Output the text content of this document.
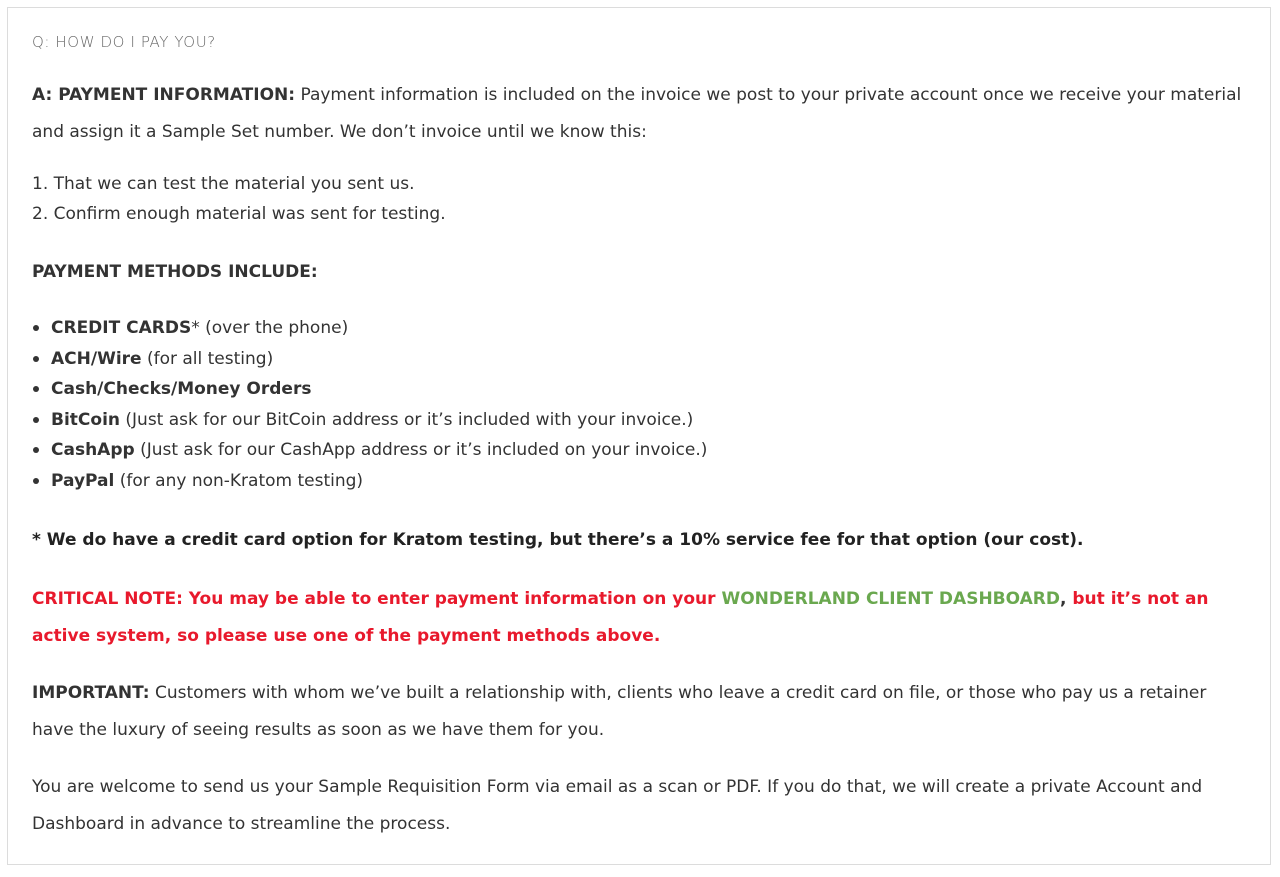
Q: HOW DO I PAY YOU?
A: PAYMENT INFORMATION: Payment information is included on the invoice we post to your private account once we receive your material and assign it a Sample Set number. We don’t invoice until we know this:
1. That we can test the material you sent us.
2. Confirm enough material was sent for testing.
PAYMENT METHODS INCLUDE:
CREDIT CARDS* (over the phone)
ACH/Wire (for all testing)
Cash/Checks/Money Orders
BitCoin (Just ask for our BitCoin address or it’s included with your invoice.)
CashApp (Just ask for our CashApp address or it’s included on your invoice.)
PayPal (for any non-Kratom testing)
* We do have a credit card option for Kratom testing, but there’s a 10% service fee for that option (our cost).
CRITICAL NOTE: You may be able to enter payment information on your WONDERLAND CLIENT DASHBOARD, but it’s not an active system, so please use one of the payment methods above.
IMPORTANT: Customers with whom we’ve built a relationship with, clients who leave a credit card on file, or those who pay us a retainer have the luxury of seeing results as soon as we have them for you.
You are welcome to send us your Sample Requisition Form via email as a scan or PDF. If you do that, we will create a private Account and Dashboard in advance to streamline the process.
